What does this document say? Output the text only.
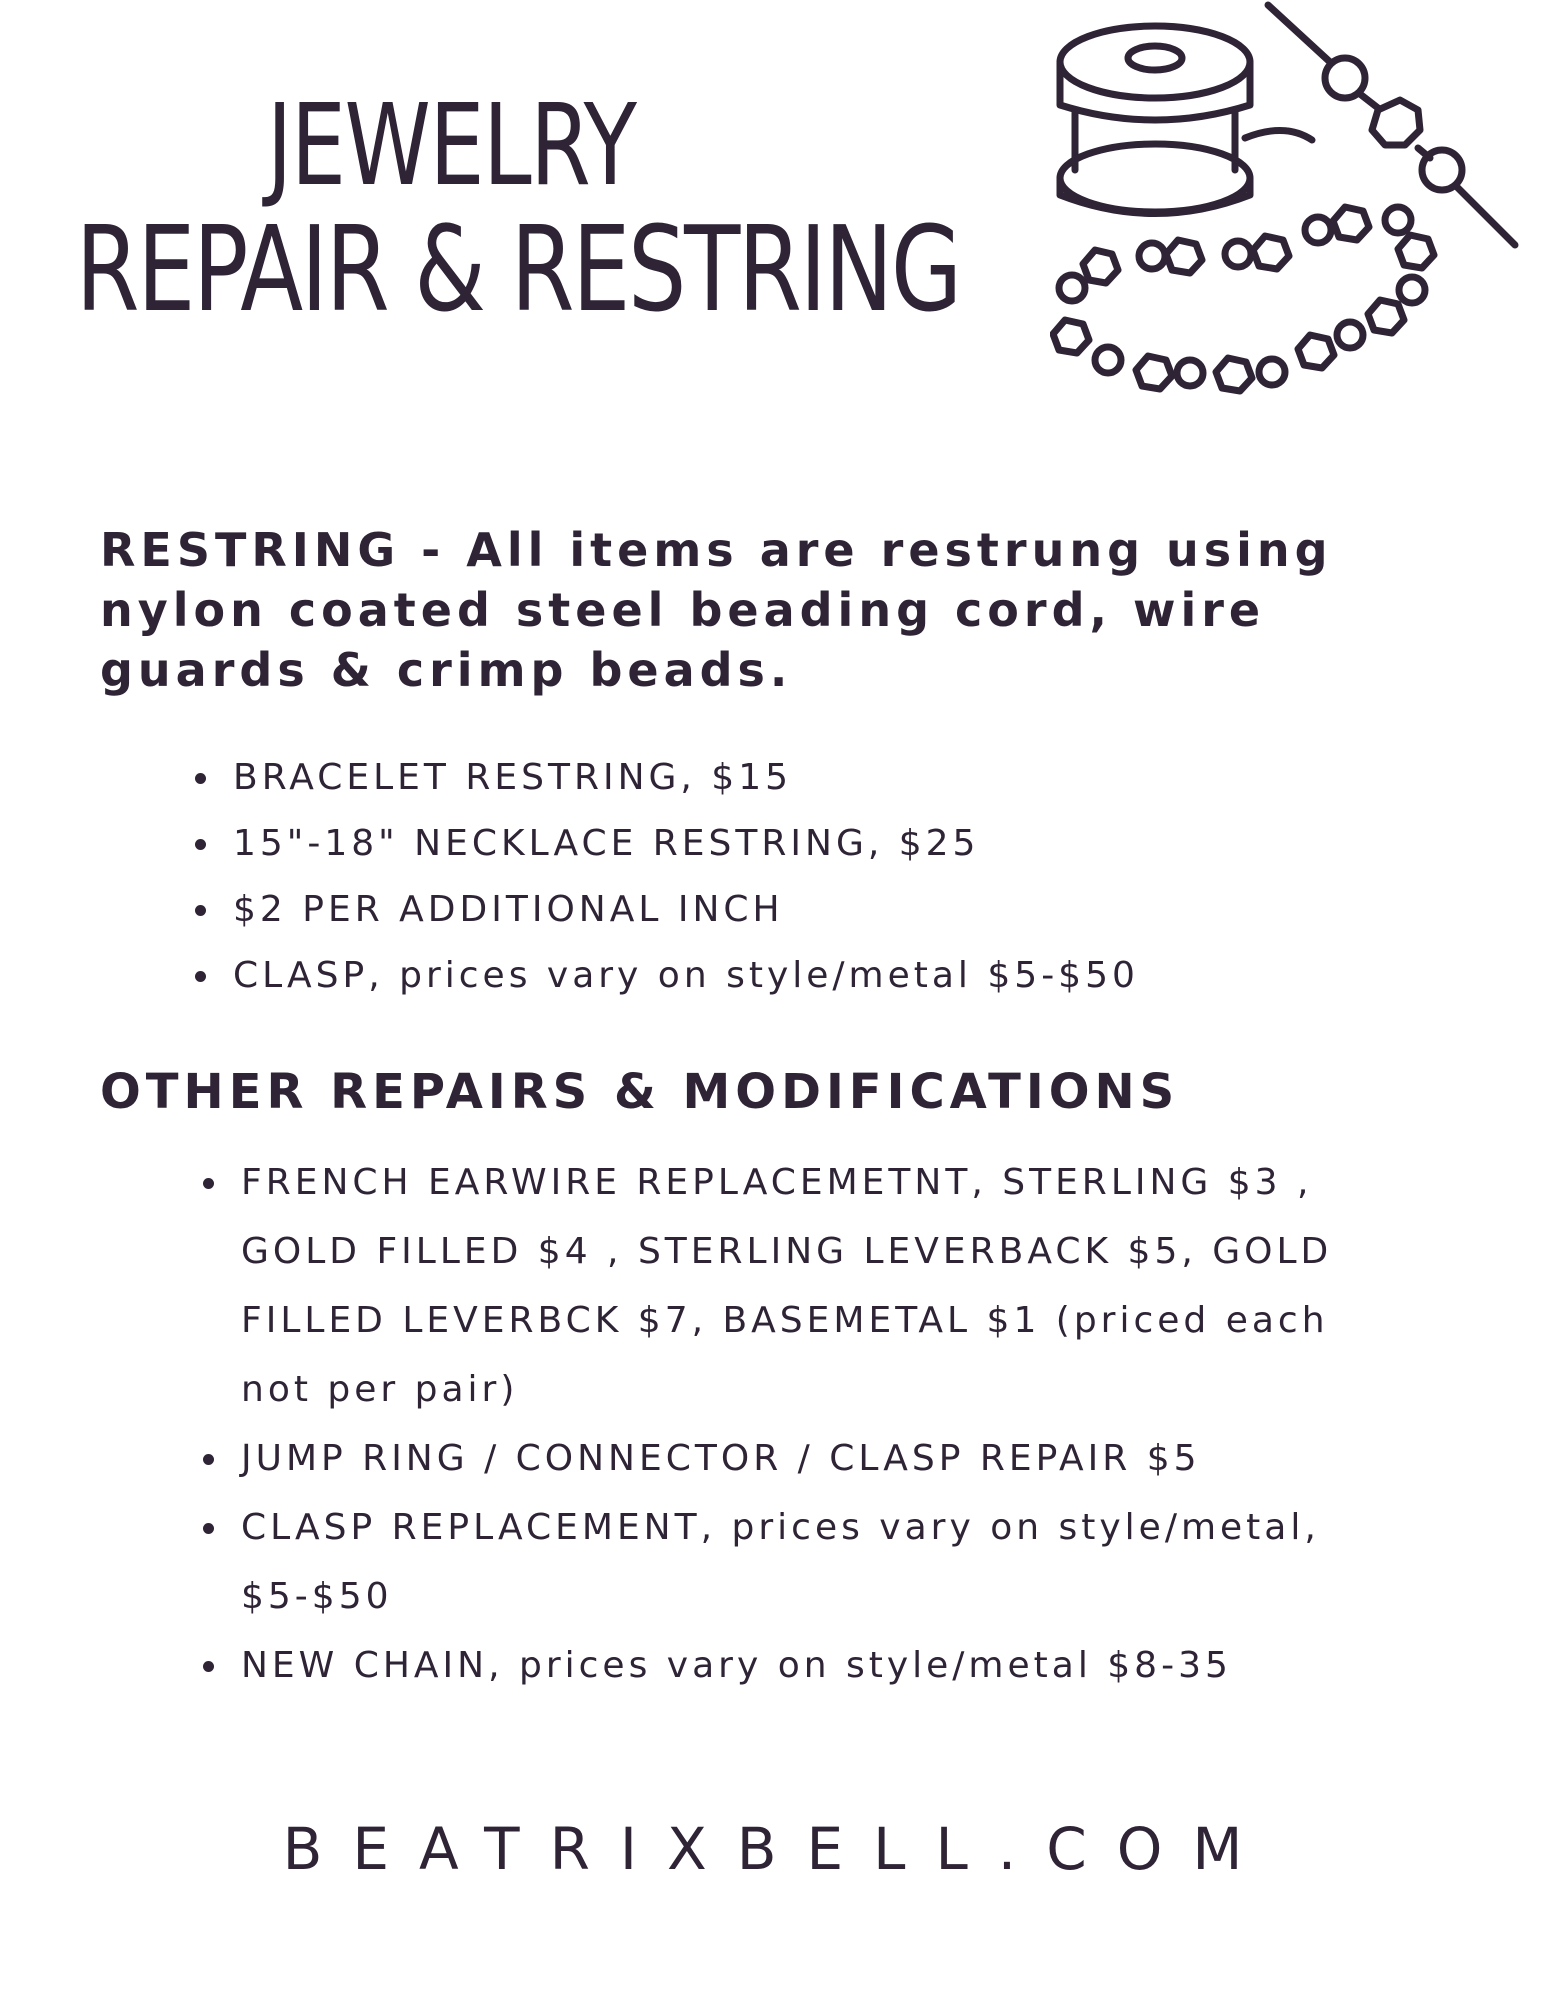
JEWELRY
REPAIR & RESTRING
RESTRING - All items are restrung using nylon coated steel beading cord, wire guards & crimp beads.
BRACELET RESTRING, $15
15"-18" NECKLACE RESTRING, $25
$2 PER ADDITIONAL INCH
CLASP, prices vary on style/metal $5-$50
OTHER REPAIRS & MODIFICATIONS
FRENCH EARWIRE REPLACEMETNT, STERLING $3 , GOLD FILLED $4 , STERLING LEVERBACK $5, GOLD FILLED LEVERBCK $7, BASEMETAL $1 (priced each not per pair)
JUMP RING / CONNECTOR / CLASP REPAIR $5
CLASP REPLACEMENT, prices vary on style/metal, $5-$50
NEW CHAIN, prices vary on style/metal $8-35
BEATRIXBELL.COM
